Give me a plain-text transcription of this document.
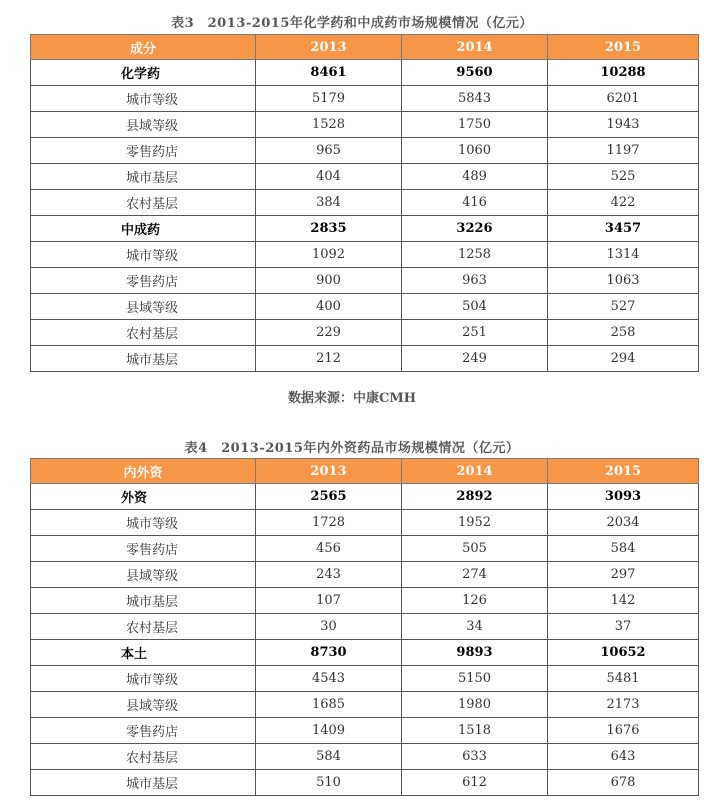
表3　2013-2015年化学药和中成药市场规模情况（亿元）
成分	2013	2014	2015
化学药	8461	9560	10288
城市等级	5179	5843	6201
县域等级	1528	1750	1943
零售药店	965	1060	1197
城市基层	404	489	525
农村基层	384	416	422
中成药	2835	3226	3457
城市等级	1092	1258	1314
零售药店	900	963	1063
县域等级	400	504	527
农村基层	229	251	258
城市基层	212	249	294
数据来源：中康CMH
表4　2013-2015年内外资药品市场规模情况（亿元）
内外资	2013	2014	2015
外资	2565	2892	3093
城市等级	1728	1952	2034
零售药店	456	505	584
县域等级	243	274	297
城市基层	107	126	142
农村基层	30	34	37
本土	8730	9893	10652
城市等级	4543	5150	5481
县域等级	1685	1980	2173
零售药店	1409	1518	1676
农村基层	584	633	643
城市基层	510	612	678
